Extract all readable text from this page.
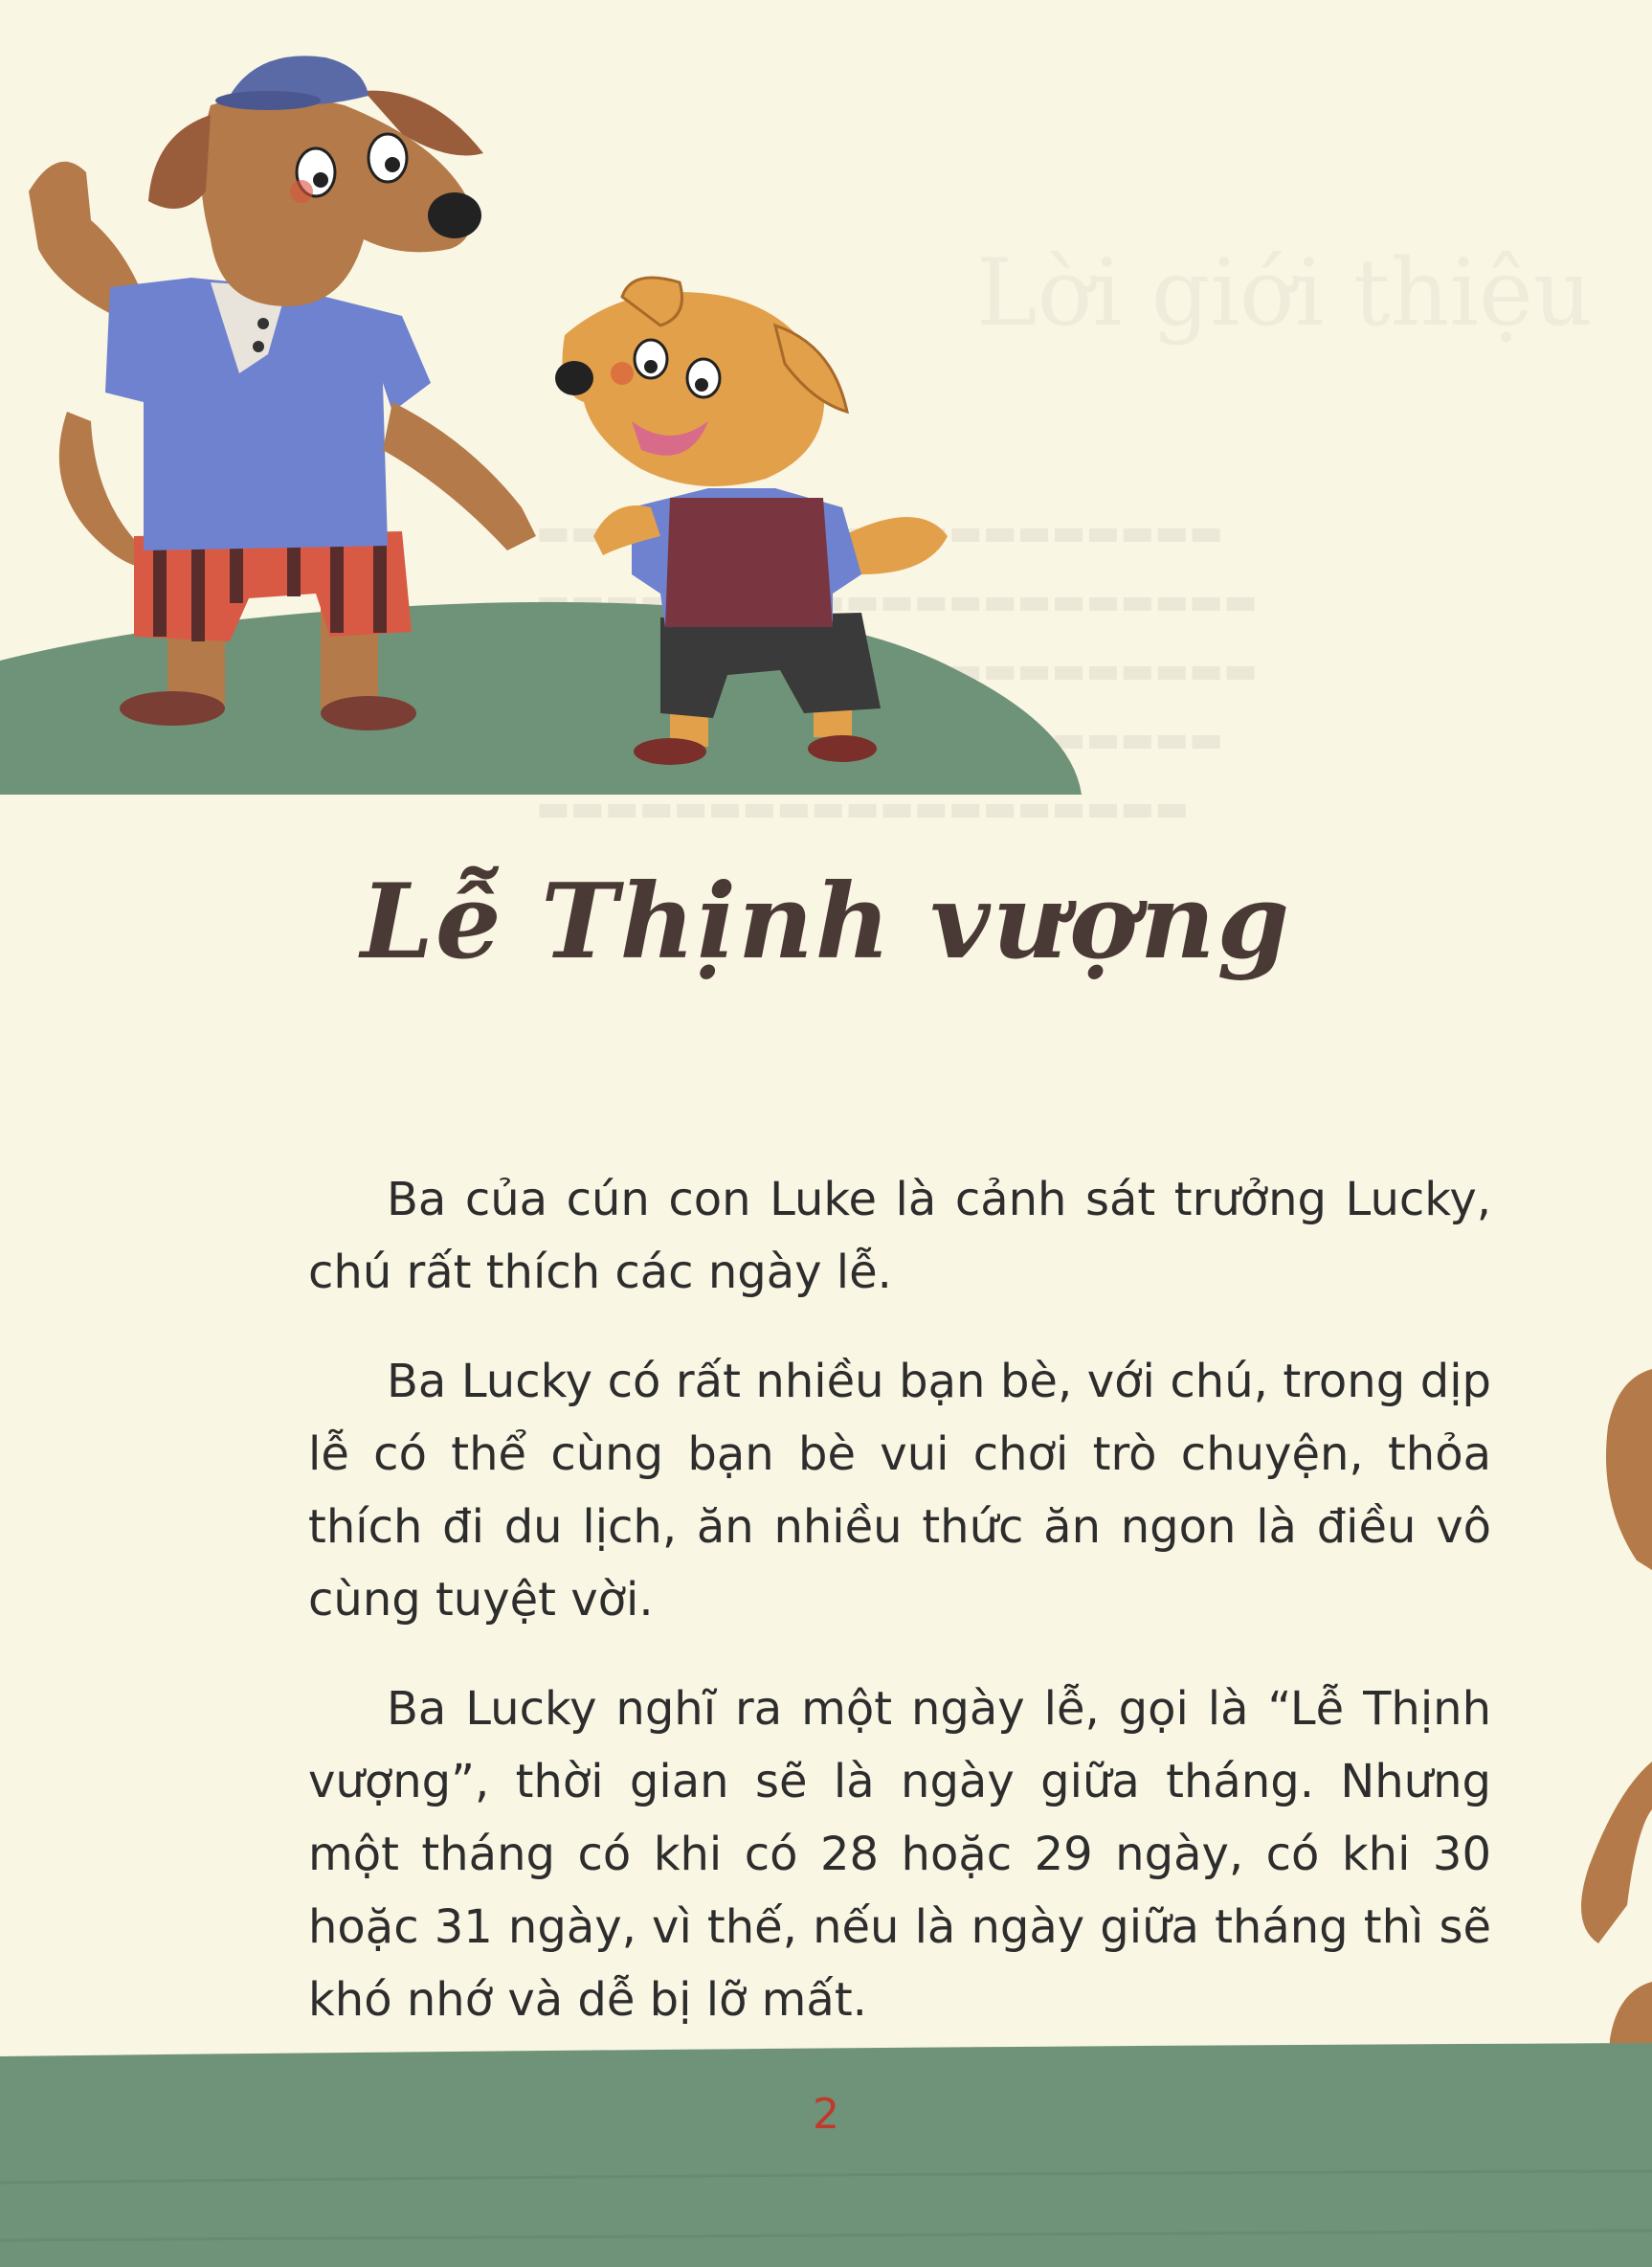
Lời giới thiệu

▬▬▬▬▬▬▬▬▬▬▬▬▬▬▬▬▬▬▬▬▬

▬▬▬▬▬▬▬▬▬▬▬▬▬▬▬▬▬▬▬
Lễ Thịnh vượng

Ba của cún con Luke là cảnh sát trưởng Lucky, chú rất thích các ngày lễ.

Ba Lucky có rất nhiều bạn bè, với chú, trong dịp lễ có thể cùng bạn bè vui chơi trò chuyện, thỏa thích đi du lịch, ăn nhiều thức ăn ngon là điều vô cùng tuyệt vời.

Ba Lucky nghĩ ra một ngày lễ, gọi là “Lễ Thịnh vượng”, thời gian sẽ là ngày giữa tháng. Nhưng một tháng có khi có 28 hoặc 29 ngày, có khi 30 hoặc 31 ngày, vì thế, nếu là ngày giữa tháng thì sẽ khó nhớ và dễ bị lỡ mất.

2
